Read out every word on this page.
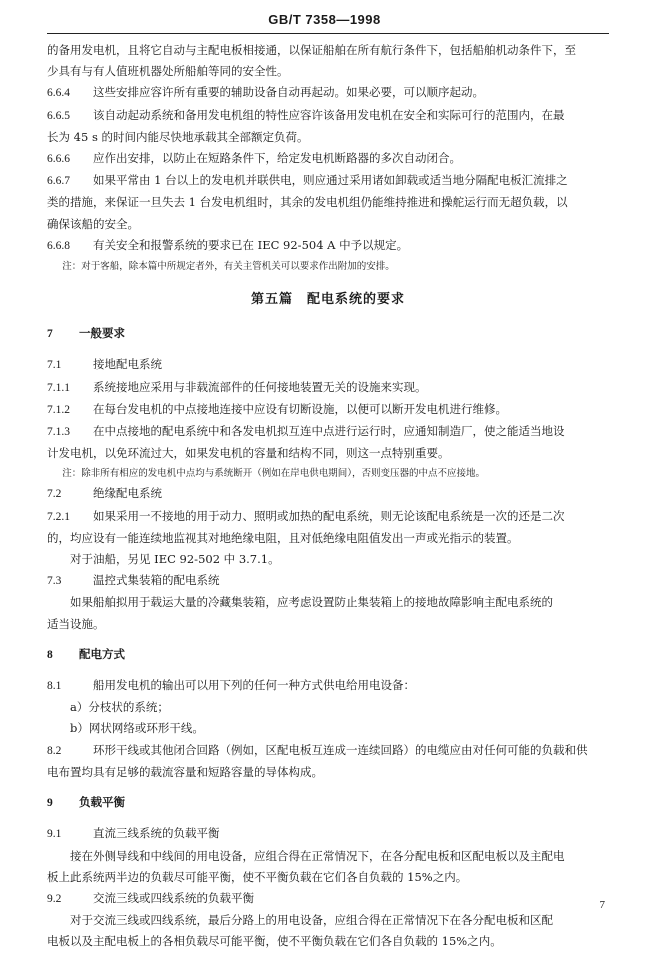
GB/T 7358—1998

的备用发电机，且将它自动与主配电板相接通，以保证船舶在所有航行条件下，包括船舶机动条件下，至

少具有与有人值班机器处所船舶等同的安全性。

6.6.4 这些安排应容许所有重要的辅助设备自动再起动。如果必要，可以顺序起动。

6.6.5 该自动起动系统和备用发电机组的特性应容许该备用发电机在安全和实际可行的范围内，在最

长为 45 s 的时间内能尽快地承载其全部额定负荷。

6.6.6 应作出安排，以防止在短路条件下，给定发电机断路器的多次自动闭合。

6.6.7 如果平常由 1 台以上的发电机并联供电，则应通过采用诸如卸载或适当地分隔配电板汇流排之

类的措施，来保证一旦失去 1 台发电机组时，其余的发电机组仍能维持推进和操舵运行而无超负载，以

确保该船的安全。

6.6.8 有关安全和报警系统的要求已在 IEC 92-504 A 中予以规定。

注：对于客船，除本篇中所规定者外，有关主管机关可以要求作出附加的安排。

第五篇　配电系统的要求

7 一般要求

7.1	接地配电系统

7.1.1 系统接地应采用与非载流部件的任何接地装置无关的设施来实现。

7.1.2 在每台发电机的中点接地连接中应设有切断设施，以便可以断开发电机进行维修。

7.1.3 在中点接地的配电系统中和各发电机拟互连中点进行运行时，应通知制造厂，使之能适当地设

计发电机，以免环流过大，如果发电机的容量和结构不同，则这一点特别重要。

注：除非所有相应的发电机中点均与系统断开（例如在岸电供电期间），否则变压器的中点不应接地。

7.2	绝缘配电系统

7.2.1 如果采用一不接地的用于动力、照明或加热的配电系统，则无论该配电系统是一次的还是二次

的，均应设有一能连续地监视其对地绝缘电阻，且对低绝缘电阻值发出一声或光指示的装置。

对于油船，另见 IEC 92-502 中 3.7.1。

7.3	温控式集装箱的配电系统

如果船舶拟用于载运大量的冷藏集装箱，应考虑设置防止集装箱上的接地故障影响主配电系统的

适当设施。

8 配电方式

8.1	船用发电机的输出可以用下列的任何一种方式供电给用电设备：

a）分枝状的系统；

b）网状网络或环形干线。

8.2	环形干线或其他闭合回路（例如，区配电板互连成一连续回路）的电缆应由对任何可能的负载和供

电布置均具有足够的载流容量和短路容量的导体构成。

9 负载平衡

9.1	直流三线系统的负载平衡

接在外侧导线和中线间的用电设备，应组合得在正常情况下，在各分配电板和区配电板以及主配电

板上此系统两半边的负载尽可能平衡，使不平衡负载在它们各自负载的 15%之内。

9.2	交流三线或四线系统的负载平衡

对于交流三线或四线系统，最后分路上的用电设备，应组合得在正常情况下在各分配电板和区配

电板以及主配电板上的各相负载尽可能平衡，使不平衡负载在它们各自负载的 15%之内。

7
